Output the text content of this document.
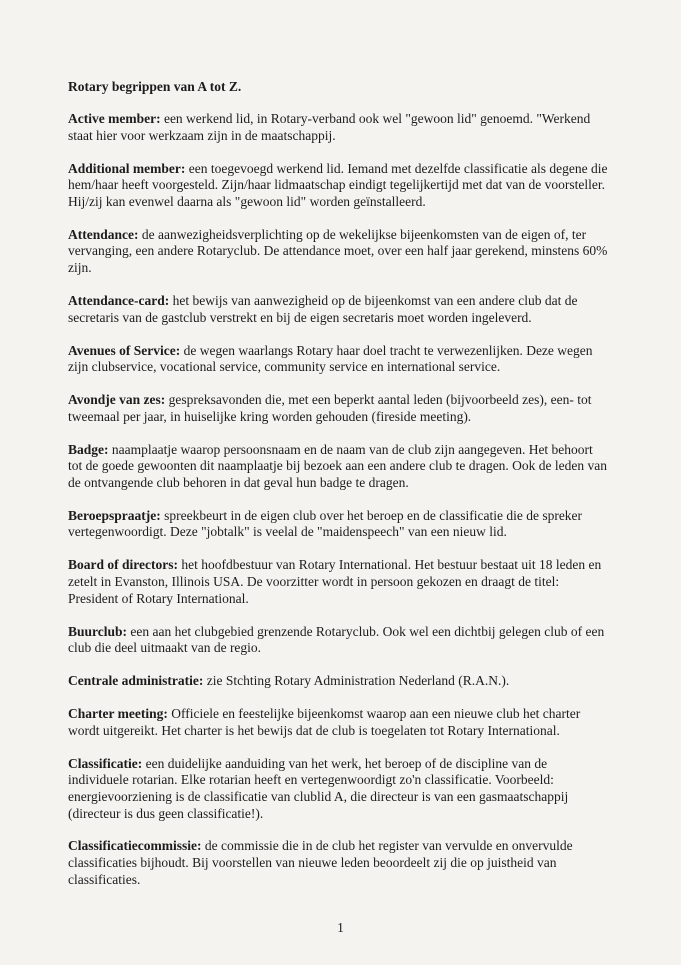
Rotary begrippen van A tot Z.

Active member: een werkend lid, in Rotary-verband ook wel "gewoon lid" genoemd. "Werkend staat hier voor werkzaam zijn in de maatschappij.

Additional member: een toegevoegd werkend lid. Iemand met dezelfde classificatie als degene die hem/haar heeft voorgesteld. Zijn/haar lidmaatschap eindigt tegelijkertijd met dat van de voorsteller. Hij/zij kan evenwel daarna als "gewoon lid" worden geïnstalleerd.

Attendance: de aanwezigheidsverplichting op de wekelijkse bijeenkomsten van de eigen of, ter vervanging, een andere Rotaryclub. De attendance moet, over een half jaar gerekend, minstens 60% zijn.

Attendance-card: het bewijs van aanwezigheid op de bijeenkomst van een andere club dat de secretaris van de gastclub verstrekt en bij de eigen secretaris moet worden ingeleverd.

Avenues of Service: de wegen waarlangs Rotary haar doel tracht te verwezenlijken. Deze wegen zijn clubservice, vocational service, community service en international service.

Avondje van zes: gespreksavonden die, met een beperkt aantal leden (bijvoorbeeld zes), een- tot tweemaal per jaar, in huiselijke kring worden gehouden (fireside meeting).

Badge: naamplaatje waarop persoonsnaam en de naam van de club zijn aangegeven. Het behoort tot de goede gewoonten dit naamplaatje bij bezoek aan een andere club te dragen. Ook de leden van de ontvangende club behoren in dat geval hun badge te dragen.

Beroepspraatje: spreekbeurt in de eigen club over het beroep en de classificatie die de spreker vertegenwoordigt. Deze "jobtalk" is veelal de "maidenspeech" van een nieuw lid.

Board of directors: het hoofdbestuur van Rotary International. Het bestuur bestaat uit 18 leden en zetelt in Evanston, Illinois USA. De voorzitter wordt in persoon gekozen en draagt de titel: President of Rotary International.

Buurclub: een aan het clubgebied grenzende Rotaryclub. Ook wel een dichtbij gelegen club of een club die deel uitmaakt van de regio.

Centrale administratie: zie Stchting Rotary Administration Nederland (R.A.N.).

Charter meeting: Officiele en feestelijke bijeenkomst waarop aan een nieuwe club het charter wordt uitgereikt. Het charter is het bewijs dat de club is toegelaten tot Rotary International.

Classificatie: een duidelijke aanduiding van het werk, het beroep of de discipline van de individuele rotarian. Elke rotarian heeft en vertegenwoordigt zo'n classificatie. Voorbeeld: energievoorziening is de classificatie van clublid A, die directeur is van een gasmaatschappij (directeur is dus geen classificatie!).

Classificatiecommissie: de commissie die in de club het register van vervulde en onvervulde classificaties bijhoudt. Bij voorstellen van nieuwe leden beoordeelt zij die op juistheid van classificaties.

1
